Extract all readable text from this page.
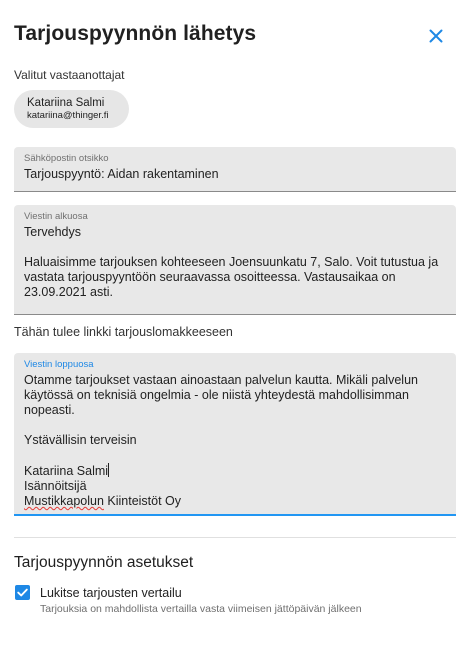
Tarjouspyynnön lähetys
Valitut vastaanottajat
Katariina Salmi
katariina@thinger.fi
Sähköpostin otsikko
Tarjouspyyntö: Aidan rakentaminen
Viestin alkuosa
Tervehdys
Haluaisimme tarjouksen kohteeseen Joensuunkatu 7, Salo. Voit tutustua ja vastata tarjouspyyntöön seuraavassa osoitteessa. Vastausaikaa on 23.09.2021 asti.
Tähän tulee linkki tarjouslomakkeeseen
Viestin loppuosa
Otamme tarjoukset vastaan ainoastaan palvelun kautta. Mikäli palvelun käytössä on teknisiä ongelmia - ole niistä yhteydestä mahdollisimman nopeasti.
Ystävällisin terveisin
Katariina Salmi
Isännöitsijä
Mustikkapolun Kiinteistöt Oy
Tarjouspyynnön asetukset
Lukitse tarjousten vertailu
Tarjouksia on mahdollista vertailla vasta viimeisen jättöpäivän jälkeen
